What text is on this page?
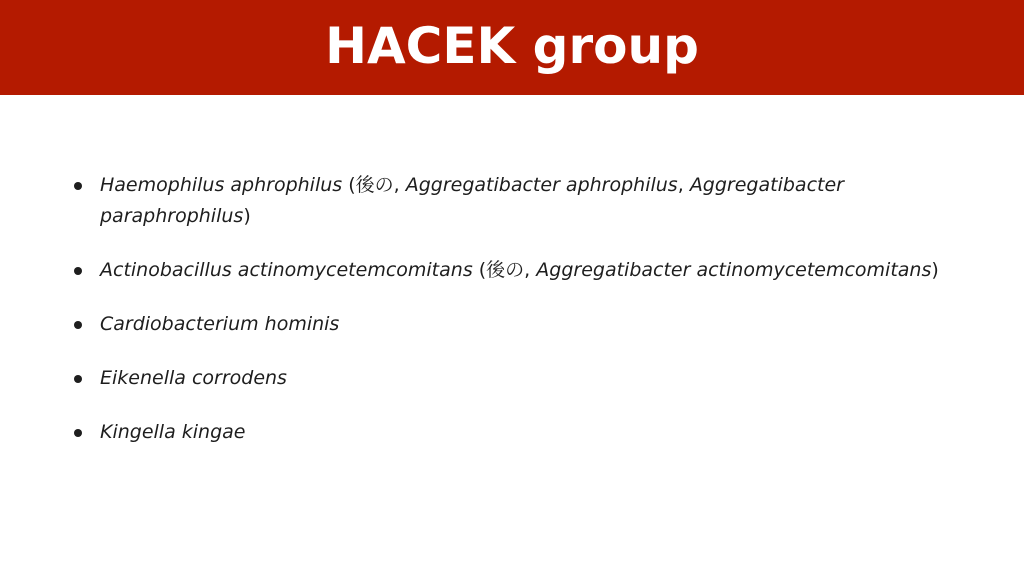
HACEK group
Haemophilus aphrophilus (後の, Aggregatibacter aphrophilus, Aggregatibacter paraphrophilus)
Actinobacillus actinomycetemcomitans (後の, Aggregatibacter actinomycetemcomitans)
Cardiobacterium hominis
Eikenella corrodens
Kingella kingae
